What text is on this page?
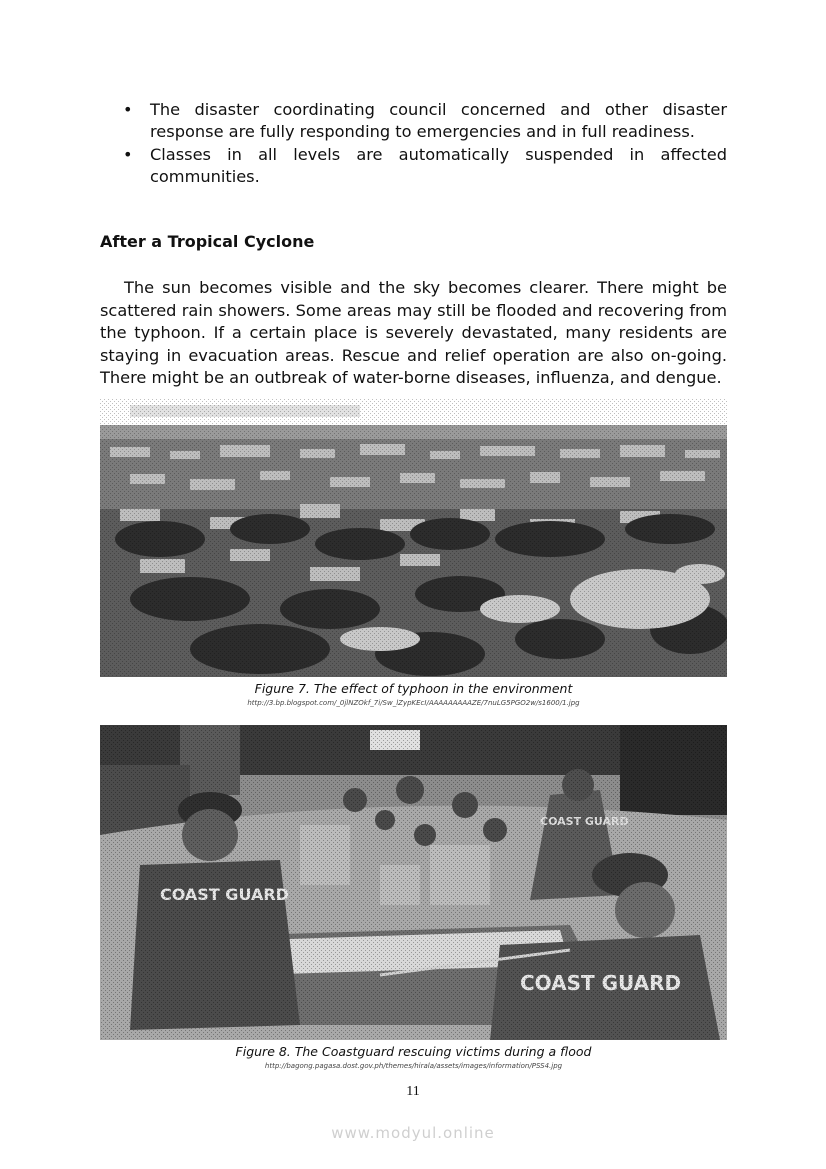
• The disaster coordinating council concerned and other disaster response are fully responding to emergencies and in full readiness.
• Classes in all levels are automatically suspended in affected communities.
After a Tropical Cyclone

The sun becomes visible and the sky becomes clearer. There might be scattered rain showers. Some areas may still be flooded and recovering from the typhoon. If a certain place is severely devastated, many residents are staying in evacuation areas. Rescue and relief operation are also on-going. There might be an outbreak of water-borne diseases, influenza, and dengue.

Figure 7. The effect of typhoon in the environment
http://3.bp.blogspot.com/_0jlNZOkf_7i/Sw_lZypKEcI/AAAAAAAAAZE/7nuLG5PGO2w/s1600/1.jpg
Figure 8. The Coastguard rescuing victims during a flood
http://bagong.pagasa.dost.gov.ph/themes/hirala/assets/images/information/PSS4.jpg
11
www.modyul.online
